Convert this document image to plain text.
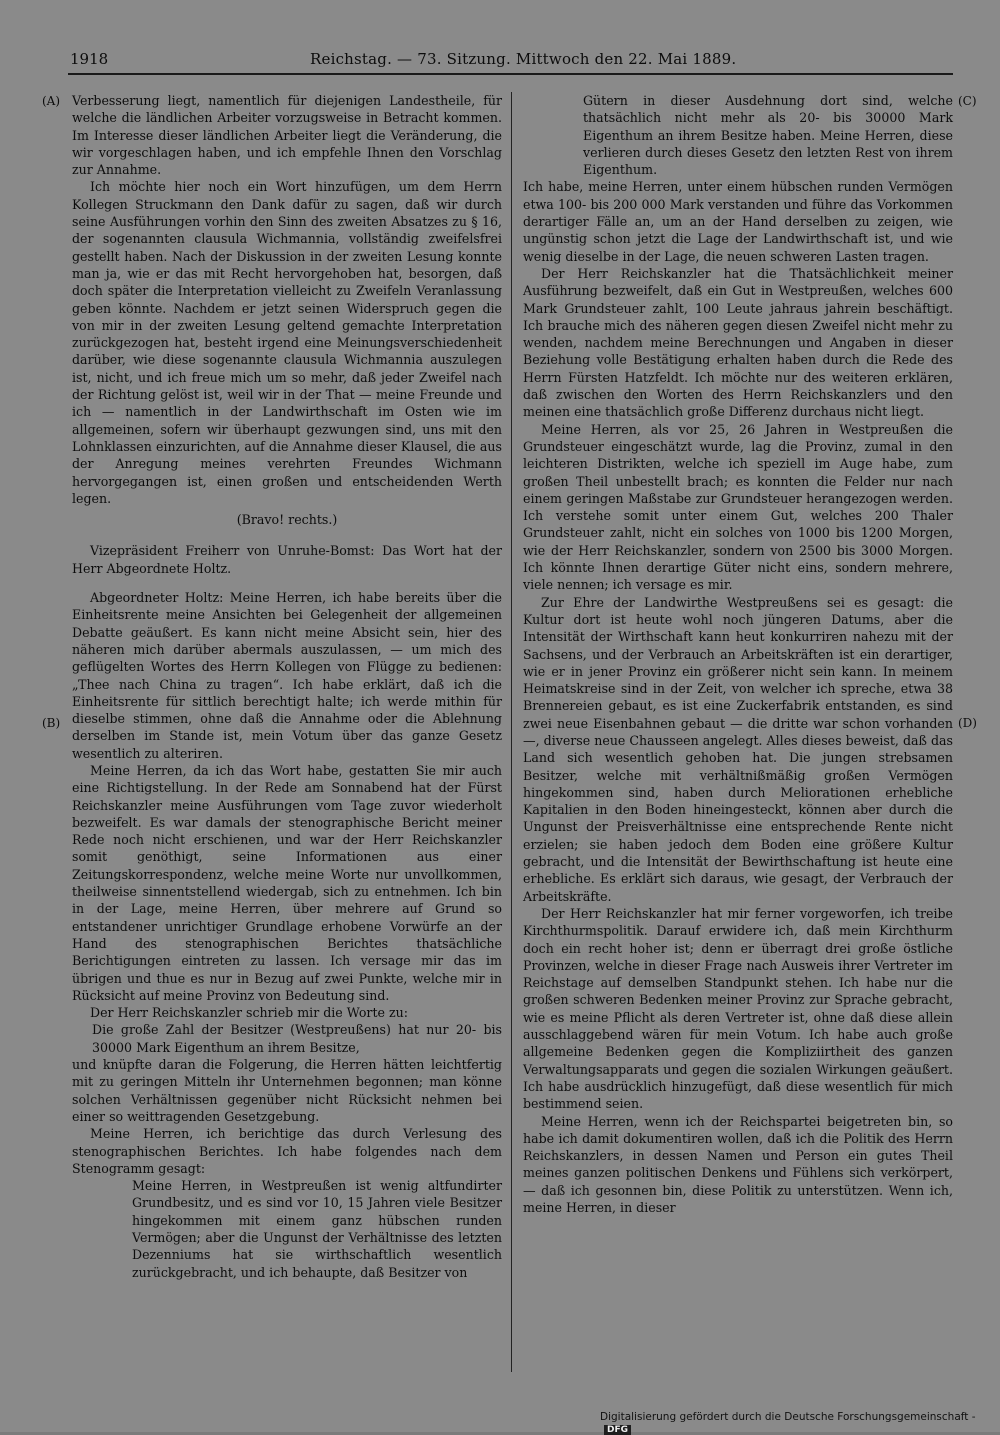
1918	Reichstag. — 73. Sitzung. Mittwoch den 22. Mai 1889.
(A)
(B)
(C)
(D)

Verbesserung liegt, namentlich für diejenigen Landestheile, für welche die ländlichen Arbeiter vorzugsweise in Betracht kommen. Im Interesse dieser ländlichen Arbeiter liegt die Veränderung, die wir vorgeschlagen haben, und ich empfehle Ihnen den Vorschlag zur Annahme.

Ich möchte hier noch ein Wort hinzufügen, um dem Herrn Kollegen Struckmann den Dank dafür zu sagen, daß wir durch seine Ausführungen vorhin den Sinn des zweiten Absatzes zu § 16, der sogenannten clausula Wichmannia, vollständig zweifelsfrei gestellt haben. Nach der Diskussion in der zweiten Lesung konnte man ja, wie er das mit Recht hervorgehoben hat, besorgen, daß doch später die Interpretation vielleicht zu Zweifeln Veranlassung geben könnte. Nachdem er jetzt seinen Widerspruch gegen die von mir in der zweiten Lesung geltend gemachte Interpretation zurückgezogen hat, besteht irgend eine Meinungsverschiedenheit darüber, wie diese sogenannte clausula Wichmannia auszulegen ist, nicht, und ich freue mich um so mehr, daß jeder Zweifel nach der Richtung gelöst ist, weil wir in der That — meine Freunde und ich — namentlich in der Landwirthschaft im Osten wie im allgemeinen, sofern wir überhaupt gezwungen sind, uns mit den Lohnklassen einzurichten, auf die Annahme dieser Klausel, die aus der Anregung meines verehrten Freundes Wichmann hervorgegangen ist, einen großen und entscheidenden Werth legen.

(Bravo! rechts.)

Vizepräsident Freiherr von Unruhe-Bomst: Das Wort hat der Herr Abgeordnete Holtz.

Abgeordneter Holtz: Meine Herren, ich habe bereits über die Einheitsrente meine Ansichten bei Gelegenheit der allgemeinen Debatte geäußert. Es kann nicht meine Absicht sein, hier des näheren mich darüber abermals auszulassen, — um mich des geflügelten Wortes des Herrn Kollegen von Flügge zu bedienen: „Thee nach China zu tragen“. Ich habe erklärt, daß ich die Einheitsrente für sittlich berechtigt halte; ich werde mithin für dieselbe stimmen, ohne daß die Annahme oder die Ablehnung derselben im Stande ist, mein Votum über das ganze Gesetz wesentlich zu alteriren.

Meine Herren, da ich das Wort habe, gestatten Sie mir auch eine Richtigstellung. In der Rede am Sonnabend hat der Fürst Reichskanzler meine Ausführungen vom Tage zuvor wiederholt bezweifelt. Es war damals der stenographische Bericht meiner Rede noch nicht erschienen, und war der Herr Reichskanzler somit genöthigt, seine Informationen aus einer Zeitungskorrespondenz, welche meine Worte nur unvollkommen, theilweise sinnentstellend wiedergab, sich zu entnehmen. Ich bin in der Lage, meine Herren, über mehrere auf Grund so entstandener unrichtiger Grundlage erhobene Vorwürfe an der Hand des stenographischen Berichtes thatsächliche Berichtigungen eintreten zu lassen. Ich versage mir das im übrigen und thue es nur in Bezug auf zwei Punkte, welche mir in Rücksicht auf meine Provinz von Bedeutung sind.

Der Herr Reichskanzler schrieb mir die Worte zu:

Die große Zahl der Besitzer (Westpreußens) hat nur 20- bis 30000 Mark Eigenthum an ihrem Besitze,

und knüpfte daran die Folgerung, die Herren hätten leichtfertig mit zu geringen Mitteln ihr Unternehmen begonnen; man könne solchen Verhältnissen gegenüber nicht Rücksicht nehmen bei einer so weittragenden Gesetzgebung.

Meine Herren, ich berichtige das durch Verlesung des stenographischen Berichtes. Ich habe folgendes nach dem Stenogramm gesagt:

Meine Herren, in Westpreußen ist wenig altfundirter Grundbesitz, und es sind vor 10, 15 Jahren viele Besitzer hingekommen mit einem ganz hübschen runden Vermögen; aber die Ungunst der Verhältnisse des letzten Dezenniums hat sie wirthschaftlich wesentlich zurückgebracht, und ich behaupte, daß Besitzer von

Gütern in dieser Ausdehnung dort sind, welche thatsächlich nicht mehr als 20- bis 30000 Mark Eigenthum an ihrem Besitze haben. Meine Herren, diese verlieren durch dieses Gesetz den letzten Rest von ihrem Eigenthum.

Ich habe, meine Herren, unter einem hübschen runden Vermögen etwa 100- bis 200 000 Mark verstanden und führe das Vorkommen derartiger Fälle an, um an der Hand derselben zu zeigen, wie ungünstig schon jetzt die Lage der Landwirthschaft ist, und wie wenig dieselbe in der Lage, die neuen schweren Lasten tragen.

Der Herr Reichskanzler hat die Thatsächlichkeit meiner Ausführung bezweifelt, daß ein Gut in Westpreußen, welches 600 Mark Grundsteuer zahlt, 100 Leute jahraus jahrein beschäftigt. Ich brauche mich des näheren gegen diesen Zweifel nicht mehr zu wenden, nachdem meine Berechnungen und Angaben in dieser Beziehung volle Bestätigung erhalten haben durch die Rede des Herrn Fürsten Hatzfeldt. Ich möchte nur des weiteren erklären, daß zwischen den Worten des Herrn Reichskanzlers und den meinen eine thatsächlich große Differenz durchaus nicht liegt.

Meine Herren, als vor 25, 26 Jahren in Westpreußen die Grundsteuer eingeschätzt wurde, lag die Provinz, zumal in den leichteren Distrikten, welche ich speziell im Auge habe, zum großen Theil unbestellt brach; es konnten die Felder nur nach einem geringen Maßstabe zur Grundsteuer herangezogen werden. Ich verstehe somit unter einem Gut, welches 200 Thaler Grundsteuer zahlt, nicht ein solches von 1000 bis 1200 Morgen, wie der Herr Reichskanzler, sondern von 2500 bis 3000 Morgen. Ich könnte Ihnen derartige Güter nicht eins, sondern mehrere, viele nennen; ich versage es mir.

Zur Ehre der Landwirthe Westpreußens sei es gesagt: die Kultur dort ist heute wohl noch jüngeren Datums, aber die Intensität der Wirthschaft kann heut konkurriren nahezu mit der Sachsens, und der Verbrauch an Arbeitskräften ist ein derartiger, wie er in jener Provinz ein größerer nicht sein kann. In meinem Heimatskreise sind in der Zeit, von welcher ich spreche, etwa 38 Brennereien gebaut, es ist eine Zuckerfabrik entstanden, es sind zwei neue Eisenbahnen gebaut — die dritte war schon vorhanden —, diverse neue Chausseen angelegt. Alles dieses beweist, daß das Land sich wesentlich gehoben hat. Die jungen strebsamen Besitzer, welche mit verhältnißmäßig großen Vermögen hingekommen sind, haben durch Meliorationen erhebliche Kapitalien in den Boden hineingesteckt, können aber durch die Ungunst der Preisverhältnisse eine entsprechende Rente nicht erzielen; sie haben jedoch dem Boden eine größere Kultur gebracht, und die Intensität der Bewirthschaftung ist heute eine erhebliche. Es erklärt sich daraus, wie gesagt, der Verbrauch der Arbeitskräfte.

Der Herr Reichskanzler hat mir ferner vorgeworfen, ich treibe Kirchthurmspolitik. Darauf erwidere ich, daß mein Kirchthurm doch ein recht hoher ist; denn er überragt drei große östliche Provinzen, welche in dieser Frage nach Ausweis ihrer Vertreter im Reichstage auf demselben Standpunkt stehen. Ich habe nur die großen schweren Bedenken meiner Provinz zur Sprache gebracht, wie es meine Pflicht als deren Vertreter ist, ohne daß diese allein ausschlaggebend wären für mein Votum. Ich habe auch große allgemeine Bedenken gegen die Kompliziirtheit des ganzen Verwaltungsapparats und gegen die sozialen Wirkungen geäußert. Ich habe ausdrücklich hinzugefügt, daß diese wesentlich für mich bestimmend seien.

Meine Herren, wenn ich der Reichspartei beigetreten bin, so habe ich damit dokumentiren wollen, daß ich die Politik des Herrn Reichskanzlers, in dessen Namen und Person ein gutes Theil meines ganzen politischen Denkens und Fühlens sich verkörpert, — daß ich gesonnen bin, diese Politik zu unterstützen. Wenn ich, meine Herren, in dieser

Digitalisierung gefördert durch die Deutsche Forschungsgemeinschaft -DFG
